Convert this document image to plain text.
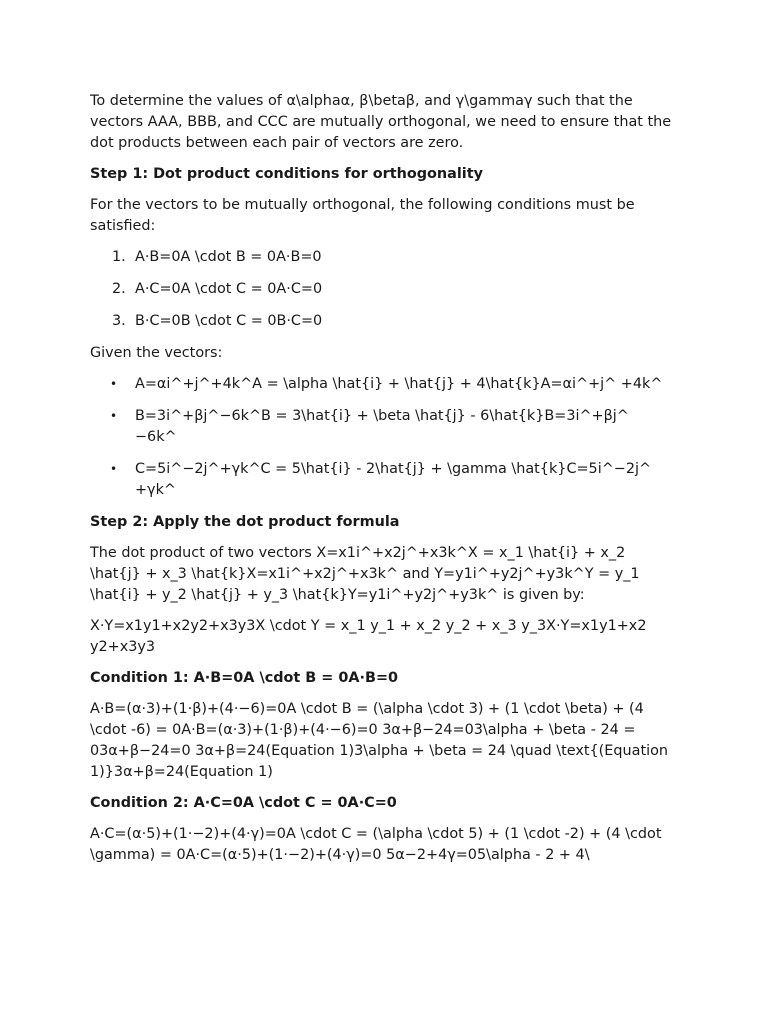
To determine the values of α\alphaα, β\betaβ, and γ\gammaγ such that the vectors AAA, BBB, and CCC are mutually orthogonal, we need to ensure that the dot products between each pair of vectors are zero.

Step 1: Dot product conditions for orthogonality

For the vectors to be mutually orthogonal, the following conditions must be satisfied:

1. A·B=0A \cdot B = 0A·B=0
2. A·C=0A \cdot C = 0A·C=0
3. B·C=0B \cdot C = 0B·C=0

Given the vectors:

• A=αi^+j^+4k^A = \alpha \hat{i} + \hat{j} + 4\hat{k}A=αi^+j^ +4k^
• B=3i^+βj^−6k^B = 3\hat{i} + \beta \hat{j} - 6\hat{k}B=3i^+βj^ −6k^
• C=5i^−2j^+γk^C = 5\hat{i} - 2\hat{j} + \gamma \hat{k}C=5i^−2j^ +γk^
Step 2: Apply the dot product formula

The dot product of two vectors X=x1i^+x2j^+x3k^X = x_1 \hat{i} + x_2 \hat{j} + x_3 \hat{k}X=x1i^+x2j^+x3k^ and Y=y1i^+y2j^+y3k^Y = y_1 \hat{i} + y_2 \hat{j} + y_3 \hat{k}Y=y1i^+y2j^+y3k^ is given by:

X·Y=x1y1+x2y2+x3y3X \cdot Y = x_1 y_1 + x_2 y_2 + x_3 y_3X·Y=x1y1+x2 y2+x3y3

Condition 1: A·B=0A \cdot B = 0A·B=0

A·B=(α·3)+(1·β)+(4·−6)=0A \cdot B = (\alpha \cdot 3) + (1 \cdot \beta) + (4 \cdot -6) = 0A·B=(α·3)+(1·β)+(4·−6)=0 3α+β−24=03\alpha + \beta - 24 = 03α+β−24=0 3α+β=24(Equation 1)3\alpha + \beta = 24 \quad \text{(Equation 1)}3α+β=24(Equation 1)

Condition 2: A·C=0A \cdot C = 0A·C=0

A·C=(α·5)+(1·−2)+(4·γ)=0A \cdot C = (\alpha \cdot 5) + (1 \cdot -2) + (4 \cdot \gamma) = 0A·C=(α·5)+(1·−2)+(4·γ)=0 5α−2+4γ=05\alpha - 2 + 4\
